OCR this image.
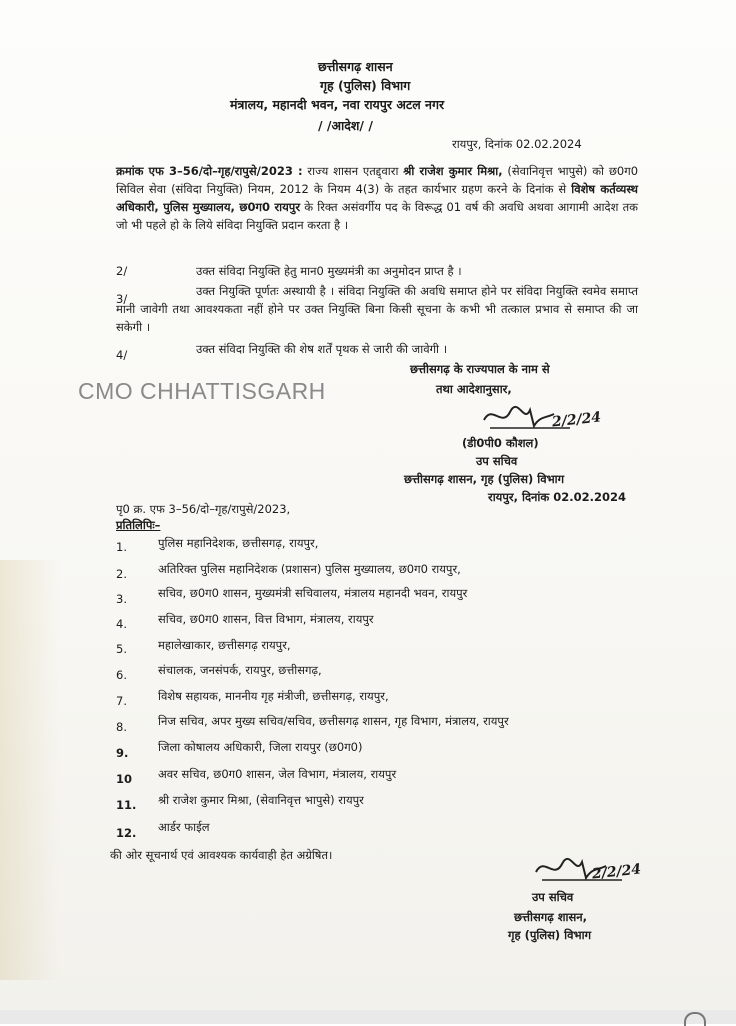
छत्तीसगढ़ शासन
गृह (पुलिस) विभाग
मंत्रालय, महानदी भवन, नवा रायपुर अटल नगर
/ /आदेश/ /
रायपुर, दिनांक 02.02.2024
क्रमांक एफ 3–56/दो–गृह/रापुसे/2023 : राज्य शासन एतद्द्वारा श्री राजेश कुमार मिश्रा, (सेवानिवृत्त भापुसे) को छ0ग0 सिविल सेवा (संविदा नियुक्ति) नियम, 2012 के नियम 4(3) के तहत कार्यभार ग्रहण करने के दिनांक से विशेष कर्तव्यस्थ अधिकारी, पुलिस मुख्यालय, छ0ग0 रायपुर के रिक्त असंवर्गीय पद के विरूद्ध 01 वर्ष की अवधि अथवा आगामी आदेश तक जो भी पहले हो के लिये संविदा नियुक्ति प्रदान करता है ।
2/	उक्त संविदा नियुक्ति हेतु मान0 मुख्यमंत्री का अनुमोदन प्राप्त है ।
3/
उक्त नियुक्ति पूर्णतः अस्थायी है । संविदा नियुक्ति की अवधि समाप्त होने पर संविदा नियुक्ति स्वमेव समाप्त मानी जावेगी तथा आवश्यकता नहीं होने पर उक्त नियुक्ति बिना किसी सूचना के कभी भी तत्काल प्रभाव से समाप्त की जा सकेगी ।
4/	उक्त संविदा नियुक्ति की शेष शर्तें पृथक से जारी की जावेगी ।
छत्तीसगढ़ के राज्यपाल के नाम से
तथा आदेशानुसार,
CMO CHHATTISGARH
2/2/24
(डी0पी0 कौशल)
उप सचिव
छत्तीसगढ़ शासन, गृह (पुलिस) विभाग
रायपुर, दिनांक 02.02.2024
पृ0 क्र. एफ 3–56/दो–गृह/रापुसे/2023,
प्रतिलिपिः–
1.	पुलिस महानिदेशक, छत्तीसगढ़, रायपुर,
2.	अतिरिक्त पुलिस महानिदेशक (प्रशासन) पुलिस मुख्यालय, छ0ग0 रायपुर,
3.	सचिव, छ0ग0 शासन, मुख्यमंत्री सचिवालय, मंत्रालय महानदी भवन, रायपुर
4.	सचिव, छ0ग0 शासन, वित्त विभाग, मंत्रालय, रायपुर
5.	महालेखाकार, छत्तीसगढ़ रायपुर,
6.	संचालक, जनसंपर्क, रायपुर, छत्तीसगढ़,
7.	विशेष सहायक, माननीय गृह मंत्रीजी, छत्तीसगढ़, रायपुर,
8.	निज सचिव, अपर मुख्य सचिव/सचिव, छत्तीसगढ़ शासन, गृह विभाग, मंत्रालय, रायपुर
9.	जिला कोषालय अधिकारी, जिला रायपुर (छ0ग0)
10 अवर सचिव, छ0ग0 शासन, जेल विभाग, मंत्रालय, रायपुर
11. श्री राजेश कुमार मिश्रा, (सेवानिवृत्त भापुसे) रायपुर
12. आर्डर फाईल
की ओर सूचनार्थ एवं आवश्यक कार्यवाही हेत अग्रेषित।
2/2/24
उप सचिव
छत्तीसगढ़ शासन,
गृह (पुलिस) विभाग
